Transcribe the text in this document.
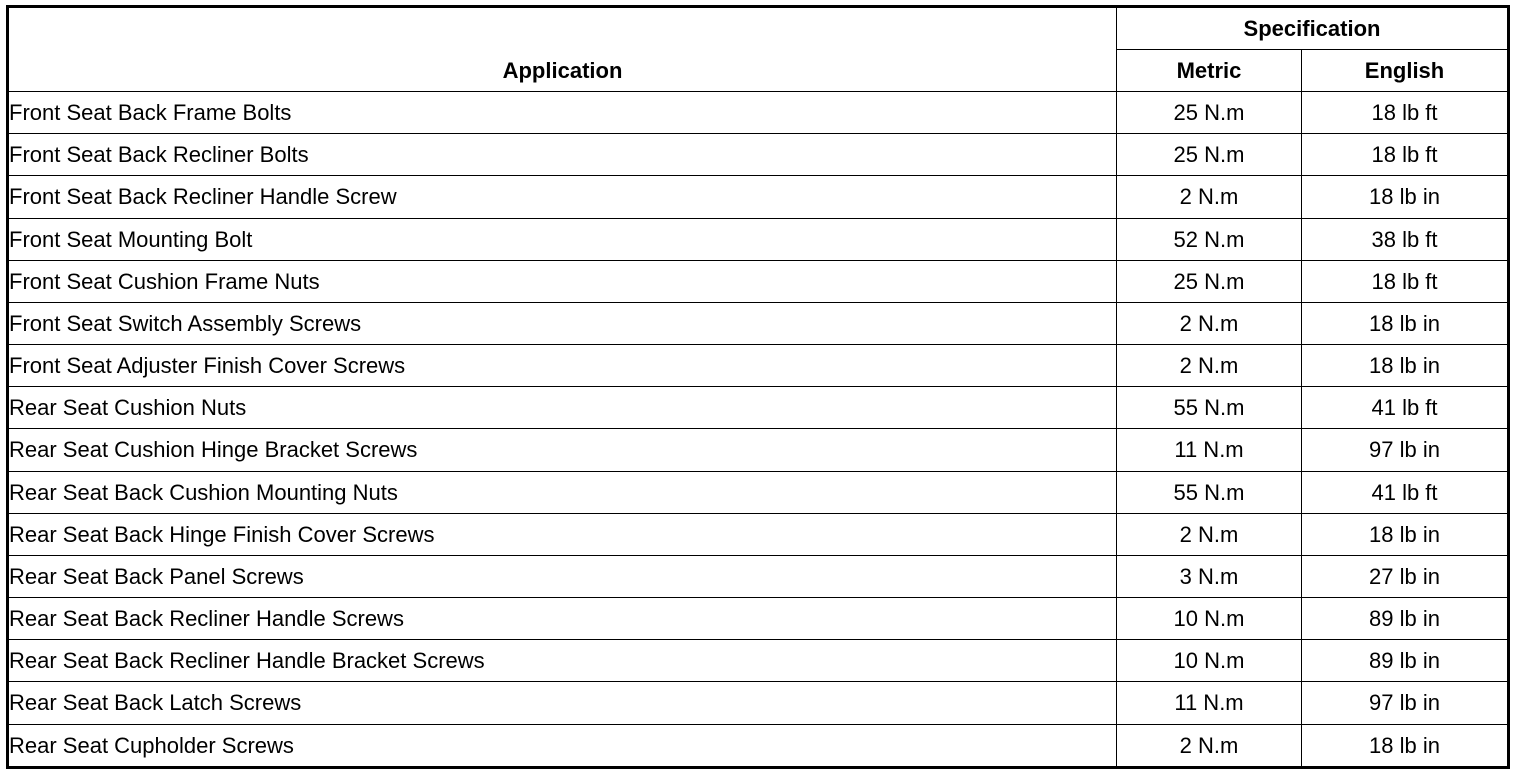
Application	Specification	
	Metric	English
Front Seat Back Frame Bolts	25 N.m	18 lb ft
Front Seat Back Recliner Bolts	25 N.m	18 lb ft
Front Seat Back Recliner Handle Screw	2 N.m	18 lb in
Front Seat Mounting Bolt	52 N.m	38 lb ft
Front Seat Cushion Frame Nuts	25 N.m	18 lb ft
Front Seat Switch Assembly Screws	2 N.m	18 lb in
Front Seat Adjuster Finish Cover Screws	2 N.m	18 lb in
Rear Seat Cushion Nuts	55 N.m	41 lb ft
Rear Seat Cushion Hinge Bracket Screws	11 N.m	97 lb in
Rear Seat Back Cushion Mounting Nuts	55 N.m	41 lb ft
Rear Seat Back Hinge Finish Cover Screws	2 N.m	18 lb in
Rear Seat Back Panel Screws	3 N.m	27 lb in
Rear Seat Back Recliner Handle Screws	10 N.m	89 lb in
Rear Seat Back Recliner Handle Bracket Screws	10 N.m	89 lb in
Rear Seat Back Latch Screws	11 N.m	97 lb in
Rear Seat Cupholder Screws	2 N.m	18 lb in
